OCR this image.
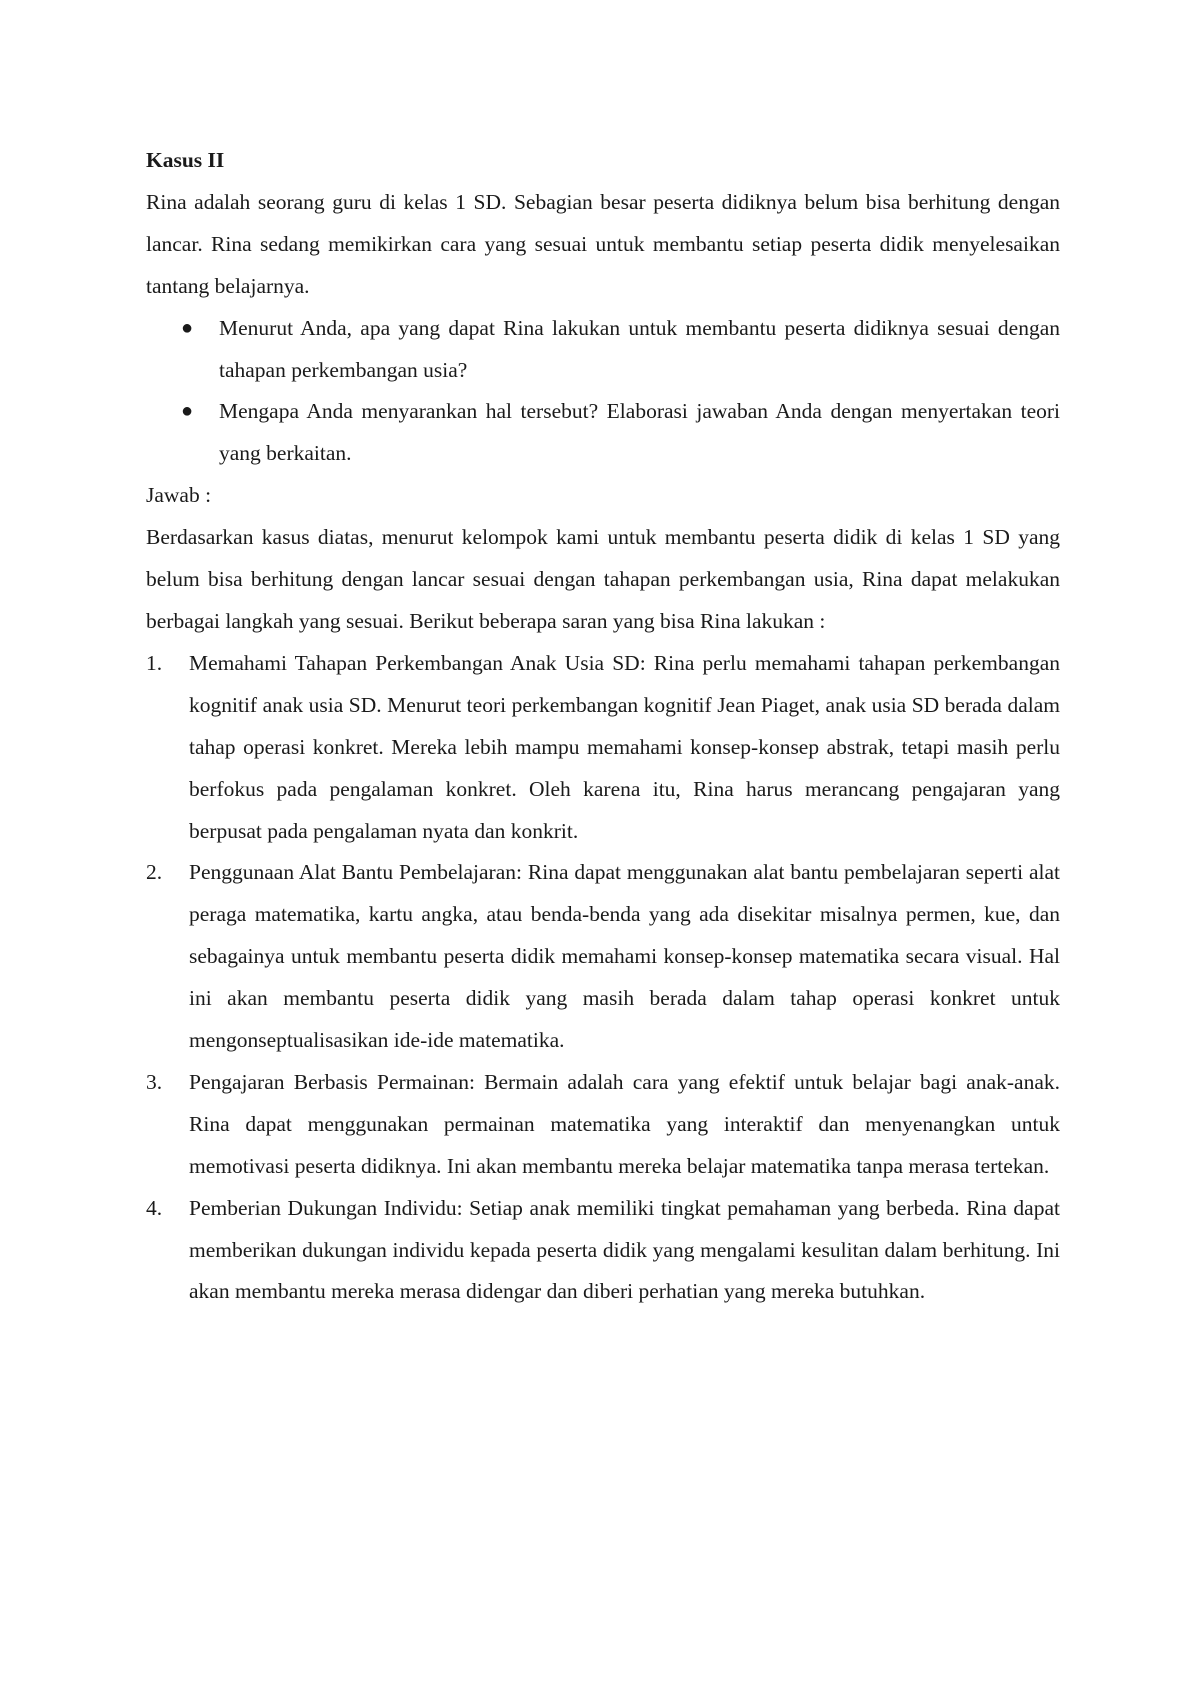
Kasus II

Rina adalah seorang guru di kelas 1 SD. Sebagian besar peserta didiknya belum bisa berhitung dengan lancar. Rina sedang memikirkan cara yang sesuai untuk membantu setiap peserta didik menyelesaikan tantang belajarnya.

● Menurut Anda, apa yang dapat Rina lakukan untuk membantu peserta didiknya sesuai dengan tahapan perkembangan usia?
● Mengapa Anda menyarankan hal tersebut? Elaborasi jawaban Anda dengan menyertakan teori yang berkaitan.

Jawab :

Berdasarkan kasus diatas, menurut kelompok kami untuk membantu peserta didik di kelas 1 SD yang belum bisa berhitung dengan lancar sesuai dengan tahapan perkembangan usia, Rina dapat melakukan berbagai langkah yang sesuai. Berikut beberapa saran yang bisa Rina lakukan :

1. Memahami Tahapan Perkembangan Anak Usia SD: Rina perlu memahami tahapan perkembangan kognitif anak usia SD. Menurut teori perkembangan kognitif Jean Piaget, anak usia SD berada dalam tahap operasi konkret. Mereka lebih mampu memahami konsep-konsep abstrak, tetapi masih perlu berfokus pada pengalaman konkret. Oleh karena itu, Rina harus merancang pengajaran yang berpusat pada pengalaman nyata dan konkrit.
2. Penggunaan Alat Bantu Pembelajaran: Rina dapat menggunakan alat bantu pembelajaran seperti alat peraga matematika, kartu angka, atau benda-benda yang ada disekitar misalnya permen, kue, dan sebagainya untuk membantu peserta didik memahami konsep-konsep matematika secara visual. Hal ini akan membantu peserta didik yang masih berada dalam tahap operasi konkret untuk mengonseptualisasikan ide-ide matematika.
3. Pengajaran Berbasis Permainan: Bermain adalah cara yang efektif untuk belajar bagi anak-anak. Rina dapat menggunakan permainan matematika yang interaktif dan menyenangkan untuk memotivasi peserta didiknya. Ini akan membantu mereka belajar matematika tanpa merasa tertekan.
4. Pemberian Dukungan Individu: Setiap anak memiliki tingkat pemahaman yang berbeda. Rina dapat memberikan dukungan individu kepada peserta didik yang mengalami kesulitan dalam berhitung. Ini akan membantu mereka merasa didengar dan diberi perhatian yang mereka butuhkan.
